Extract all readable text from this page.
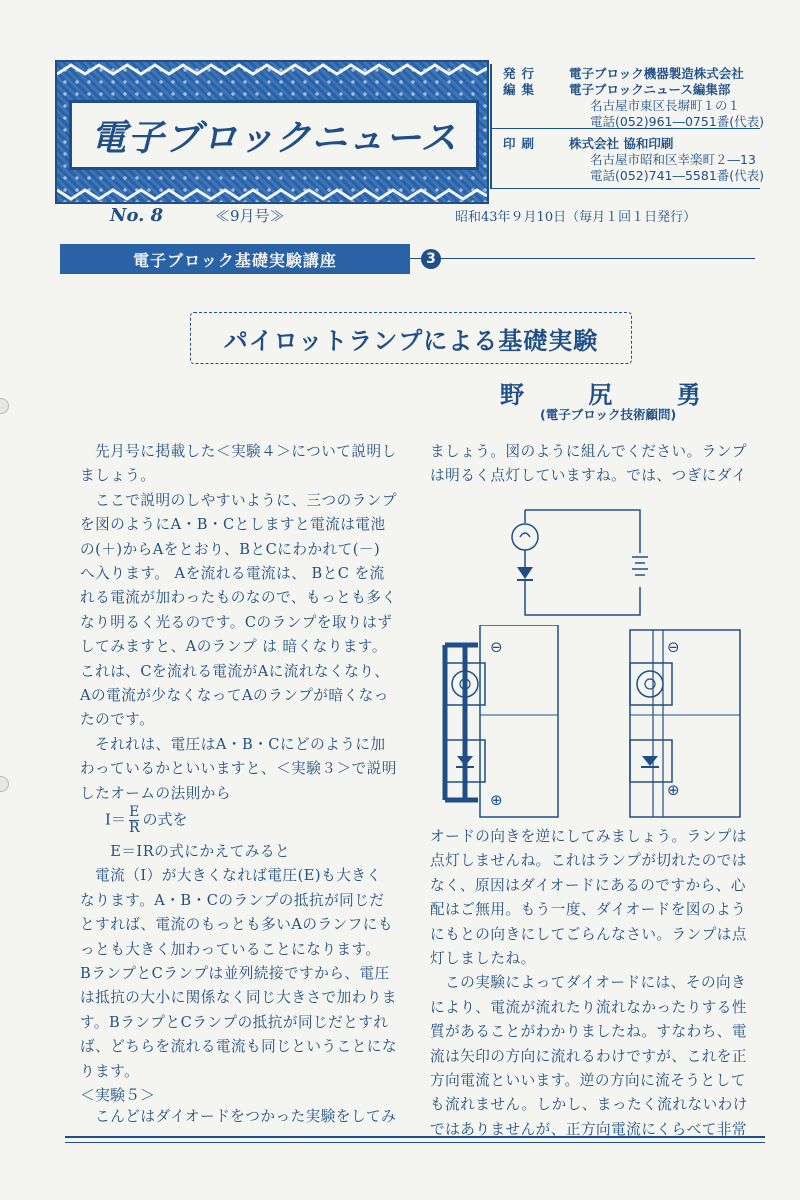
電子ブロックニュース
発行	電子ブロック機器製造株式会社
編集	電子ブロックニュース編集部
名古屋市東区長塀町１の１
電話(052)961―0751番(代表)
印刷	株式会社 協和印刷
名古屋市昭和区幸楽町２―13
電話(052)741―5581番(代表)
No. 8	≪9月号≫	昭和43年９月10日（毎月１回１日発行）
電子ブロック基礎実験講座	3
パイロットランプによる基礎実験
野 尻 勇
(電子ブロック技術顧問)
　先月号に掲載した＜実験４＞について説明し
ましょう。
　ここで説明のしやすいように、三つのランプ
を図のようにA・B・Cとしますと電流は電池
の(＋)からAをとおり、BとCにわかれて(－)
へ入ります。 Aを流れる電流は、 BとC を流
れる電流が加わったものなので、もっとも多く
なり明るく光るのです。Cのランプを取りはず
してみますと、Aのランプ は 暗くなります。
これは、Cを流れる電流がAに流れなくなり、
Aの電流が少なくなってAのランプが暗くなっ
たのです。
　それれは、電圧はA・B・Cにどのように加
わっているかといいますと、＜実験３＞で説明
したオームの法則から
$I= \frac{E}{R}$ の式を
　　E＝IRの式にかえてみると
　電流（I）が大きくなれば電圧(E)も大きく
なります。A・B・Cのランプの抵抗が同じだ
とすれば、電流のもっとも多いAのランフにも
っとも大きく加わっていることになります。
BランプとCランプは並列続接ですから、電圧
は抵抗の大小に関係なく同じ大きさで加わりま
す。BランプとCランプの抵抗が同じだとすれ
ば、どちらを流れる電流も同じということにな
ります。
＜実験５＞
　こんどはダイオードをつかった実験をしてみ
ましょう。図のように組んでください。ランプ
は明るく点灯していますね。では、つぎにダイ
⊖
⊕
⊖
⊕
オードの向きを逆にしてみましょう。ランプは
点灯しませんね。これはランプが切れたのでは
なく、原因はダイオードにあるのですから、心
配はご無用。もう一度、ダイオードを図のよう
にもとの向きにしてごらんなさい。ランプは点
灯しましたね。
　この実験によってダイオードには、その向き
により、電流が流れたり流れなかったりする性
質があることがわかりましたね。すなわち、電
流は矢印の方向に流れるわけですが、これを正
方向電流といいます。逆の方向に流そうとして
も流れません。しかし、まったく流れないわけ
ではありませんが、正方向電流にくらべて非常
